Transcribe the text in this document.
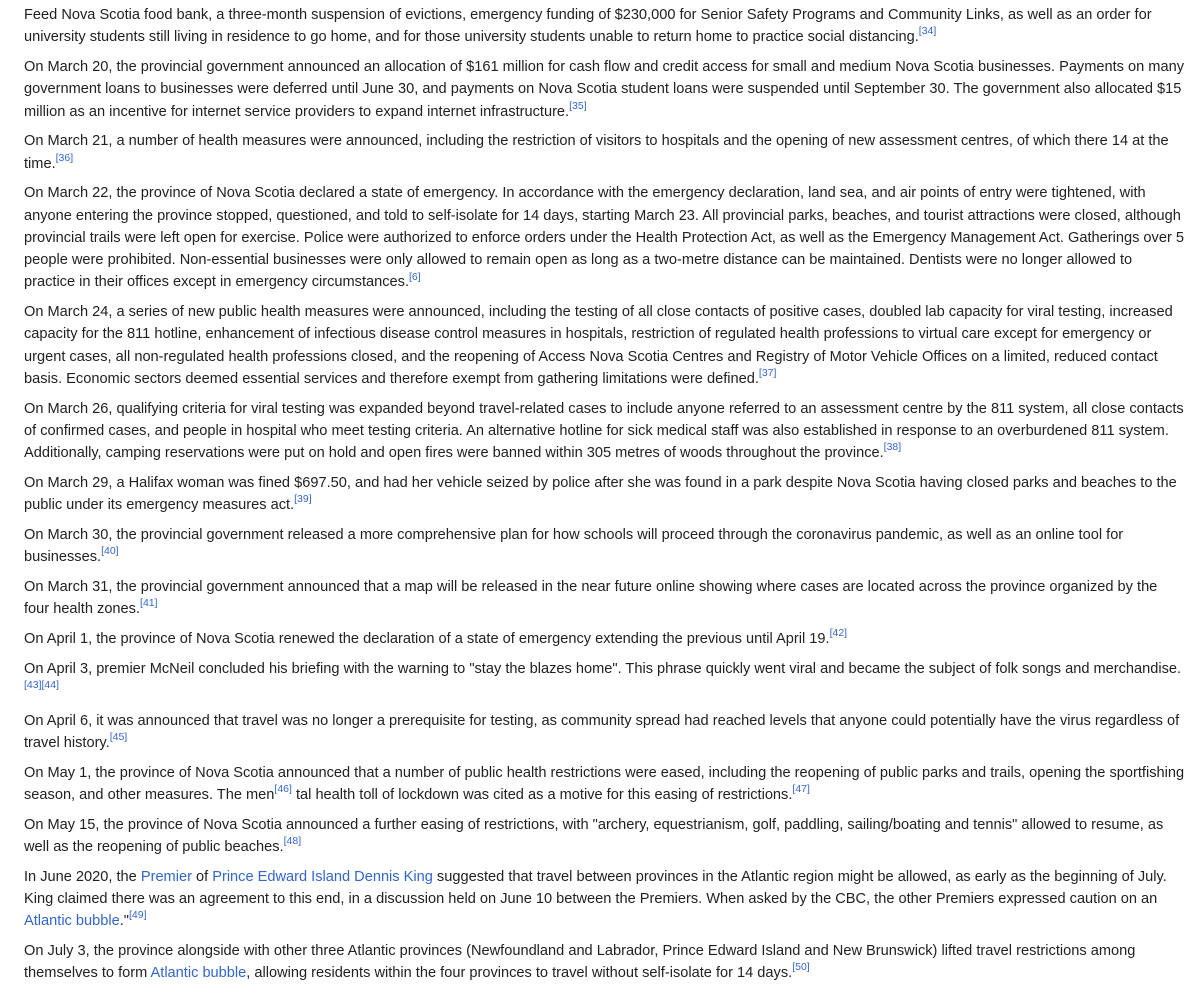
Feed Nova Scotia food bank, a three-month suspension of evictions, emergency funding of $230,000 for Senior Safety Programs and Community Links, as well as an order for university students still living in residence to go home, and for those university students unable to return home to practice social distancing.[34]

On March 20, the provincial government announced an allocation of $161 million for cash flow and credit access for small and medium Nova Scotia businesses. Payments on many government loans to businesses were deferred until June 30, and payments on Nova Scotia student loans were suspended until September 30. The government also allocated $15 million as an incentive for internet service providers to expand internet infrastructure.[35]

On March 21, a number of health measures were announced, including the restriction of visitors to hospitals and the opening of new assessment centres, of which there 14 at the time.[36]

On March 22, the province of Nova Scotia declared a state of emergency. In accordance with the emergency declaration, land sea, and air points of entry were tightened, with anyone entering the province stopped, questioned, and told to self-isolate for 14 days, starting March 23. All provincial parks, beaches, and tourist attractions were closed, although provincial trails were left open for exercise. Police were authorized to enforce orders under the Health Protection Act, as well as the Emergency Management Act. Gatherings over 5 people were prohibited. Non-essential businesses were only allowed to remain open as long as a two-metre distance can be maintained. Dentists were no longer allowed to practice in their offices except in emergency circumstances.[6]

On March 24, a series of new public health measures were announced, including the testing of all close contacts of positive cases, doubled lab capacity for viral testing, increased capacity for the 811 hotline, enhancement of infectious disease control measures in hospitals, restriction of regulated health professions to virtual care except for emergency or urgent cases, all non-regulated health professions closed, and the reopening of Access Nova Scotia Centres and Registry of Motor Vehicle Offices on a limited, reduced contact basis. Economic sectors deemed essential services and therefore exempt from gathering limitations were defined.[37]

On March 26, qualifying criteria for viral testing was expanded beyond travel-related cases to include anyone referred to an assessment centre by the 811 system, all close contacts of confirmed cases, and people in hospital who meet testing criteria. An alternative hotline for sick medical staff was also established in response to an overburdened 811 system. Additionally, camping reservations were put on hold and open fires were banned within 305 metres of woods throughout the province.[38]

On March 29, a Halifax woman was fined $697.50, and had her vehicle seized by police after she was found in a park despite Nova Scotia having closed parks and beaches to the public under its emergency measures act.[39]

On March 30, the provincial government released a more comprehensive plan for how schools will proceed through the coronavirus pandemic, as well as an online tool for businesses.[40]

On March 31, the provincial government announced that a map will be released in the near future online showing where cases are located across the province organized by the four health zones.[41]

On April 1, the province of Nova Scotia renewed the declaration of a state of emergency extending the previous until April 19.[42]

On April 3, premier McNeil concluded his briefing with the warning to "stay the blazes home". This phrase quickly went viral and became the subject of folk songs and merchandise.[43][44]

On April 6, it was announced that travel was no longer a prerequisite for testing, as community spread had reached levels that anyone could potentially have the virus regardless of travel history.[45]

On May 1, the province of Nova Scotia announced that a number of public health restrictions were eased, including the reopening of public parks and trails, opening the sportfishing season, and other measures. The men[46] tal health toll of lockdown was cited as a motive for this easing of restrictions.[47]

On May 15, the province of Nova Scotia announced a further easing of restrictions, with "archery, equestrianism, golf, paddling, sailing/boating and tennis" allowed to resume, as well as the reopening of public beaches.[48]

In June 2020, the Premier of Prince Edward Island Dennis King suggested that travel between provinces in the Atlantic region might be allowed, as early as the beginning of July. King claimed there was an agreement to this end, in a discussion held on June 10 between the Premiers. When asked by the CBC, the other Premiers expressed caution on an Atlantic bubble."[49]

On July 3, the province alongside with other three Atlantic provinces (Newfoundland and Labrador, Prince Edward Island and New Brunswick) lifted travel restrictions among themselves to form Atlantic bubble, allowing residents within the four provinces to travel without self-isolate for 14 days.[50]
